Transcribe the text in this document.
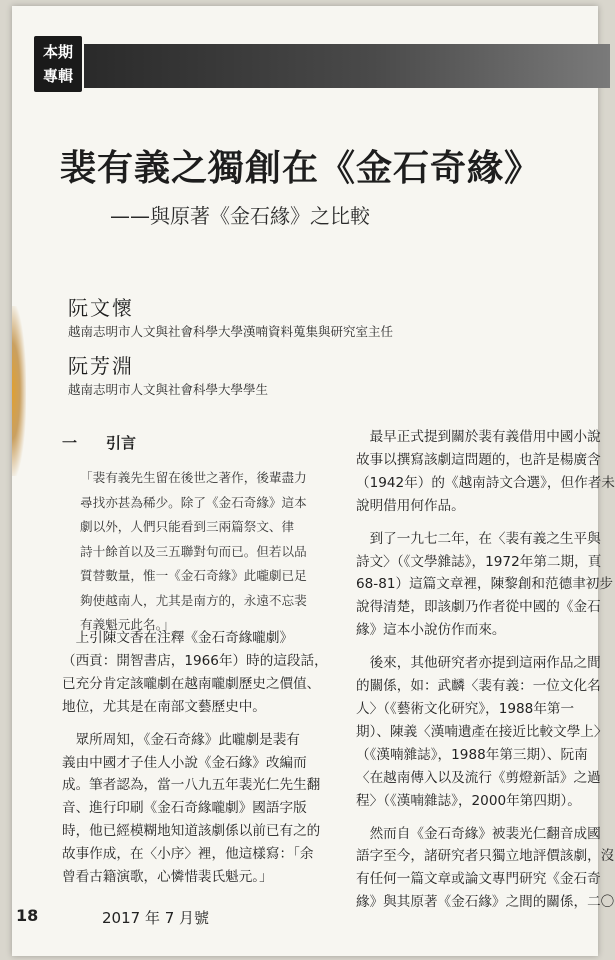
本期
專輯
裴有義之獨創在《金石奇緣》
——與原著《金石緣》之比較
阮文懷
越南志明市人文與社會科學大學漢喃資料蒐集與研究室主任
阮芳淵
越南志明市人文與社會科學大學學生
一 引言
「裴有義先生留在後世之著作，後輩盡力
尋找亦甚為稀少。除了《金石奇緣》這本
劇以外，人們只能看到三兩篇祭文、律
詩十餘首以及三五聯對句而已。但若以品
質替數量，惟一《金石奇緣》此嚨劇已足
夠使越南人，尤其是南方的，永遠不忘裴
有義魁元此名。」
　上引陳文香在注釋《金石奇緣嚨劇》
（西貢：開智書店，1966年）時的這段話，
已充分肯定該嚨劇在越南嚨劇歷史之價值、
地位，尤其是在南部文藝歷史中。
　眾所周知，《金石奇緣》此嚨劇是裴有
義由中國才子佳人小說《金石緣》改編而
成。筆者認為，當一八九五年裴光仁先生翻
音、進行印刷《金石奇緣嚨劇》國語字版
時，他已經模糊地知道該劇係以前已有之的
故事作成，在〈小序〉裡，他這樣寫：「余
曾看古籍演歌，心憐惜裴氏魁元。」
　最早正式提到關於裴有義借用中國小說
故事以撰寫該劇這問題的，也許是楊廣含
（1942年）的《越南詩文合選》，但作者未
說明借用何作品。
　到了一九七二年，在〈裴有義之生平與
詩文〉（《文學雜誌》，1972年第二期，頁
68-81）這篇文章裡，陳黎創和范德聿初步
說得清楚，即該劇乃作者從中國的《金石
緣》這本小說仿作而來。
　後來，其他研究者亦提到這兩作品之間
的關係，如：武麟〈裴有義：一位文化名
人〉（《藝術文化研究》，1988年第一
期）、陳義〈漢喃遺產在接近比較文學上〉
（《漢喃雜誌》，1988年第三期）、阮南
〈在越南傳入以及流行《剪燈新話》之過
程〉（《漢喃雜誌》，2000年第四期）。
　然而自《金石奇緣》被裴光仁翻音成國
語字至今，諸研究者只獨立地評價該劇，沒
有任何一篇文章或論文專門研究《金石奇
緣》與其原著《金石緣》之間的關係，二〇
18	2017 年 7 月號
